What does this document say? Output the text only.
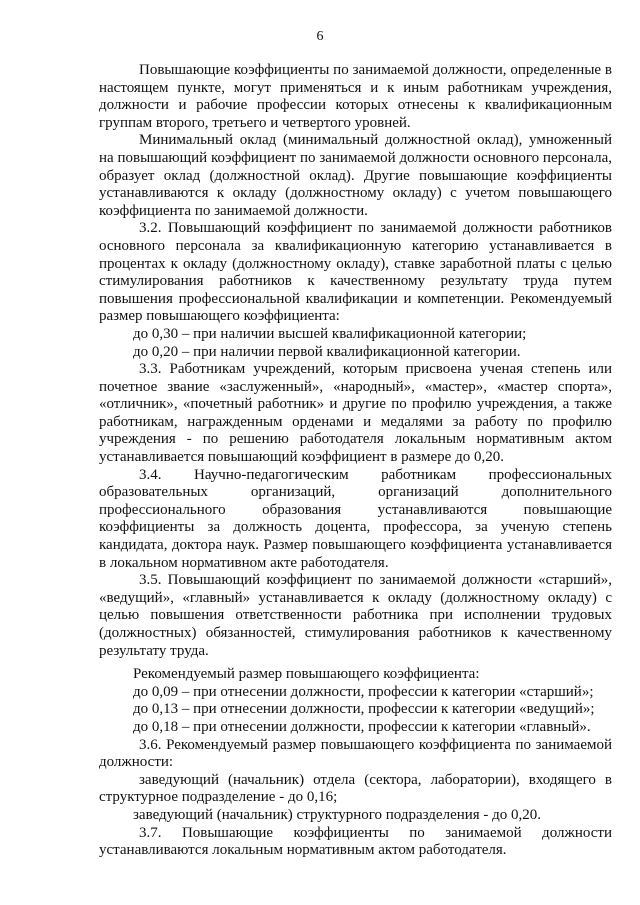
6

Повышающие коэффициенты по занимаемой должности, определенные в настоящем пункте, могут применяться и к иным работникам учреждения, должности и рабочие профессии которых отнесены к квалификационным группам второго, третьего и четвертого уровней.

Минимальный оклад (минимальный должностной оклад), умноженный на повышающий коэффициент по занимаемой должности основного персонала, образует оклад (должностной оклад). Другие повышающие коэффициенты устанавливаются к окладу (должностному окладу) с учетом повышающего коэффициента по занимаемой должности.

3.2. Повышающий коэффициент по занимаемой должности работников основного персонала за квалификационную категорию устанавливается в процентах к окладу (должностному окладу), ставке заработной платы с целью стимулирования работников к качественному результату труда путем повышения профессиональной квалификации и компетенции. Рекомендуемый размер повышающего коэффициента:

до 0,30 – при наличии высшей квалификационной категории;

до 0,20 – при наличии первой квалификационной категории.

3.3. Работникам учреждений, которым присвоена ученая степень или почетное звание «заслуженный», «народный», «мастер», «мастер спорта», «отличник», «почетный работник» и другие по профилю учреждения, а также работникам, награжденным орденами и медалями за работу по профилю учреждения - по решению работодателя локальным нормативным актом устанавливается повышающий коэффициент в размере до 0,20.

3.4. Научно-педагогическим работникам профессиональных образовательных организаций, организаций дополнительного профессионального образования устанавливаются повышающие коэффициенты за должность доцента, профессора, за ученую степень кандидата, доктора наук. Размер повышающего коэффициента устанавливается в локальном нормативном акте работодателя.

3.5. Повышающий коэффициент по занимаемой должности «старший», «ведущий», «главный» устанавливается к окладу (должностному окладу) с целью повышения ответственности работника при исполнении трудовых (должностных) обязанностей, стимулирования работников к качественному результату труда.

Рекомендуемый размер повышающего коэффициента:

до 0,09 – при отнесении должности, профессии к категории «старший»;

до 0,13 – при отнесении должности, профессии к категории «ведущий»;

до 0,18 – при отнесении должности, профессии к категории «главный».

3.6. Рекомендуемый размер повышающего коэффициента по занимаемой должности:

заведующий (начальник) отдела (сектора, лаборатории), входящего в структурное подразделение - до 0,16;

заведующий (начальник) структурного подразделения - до 0,20.

3.7. Повышающие коэффициенты по занимаемой должности устанавливаются локальным нормативным актом работодателя.
